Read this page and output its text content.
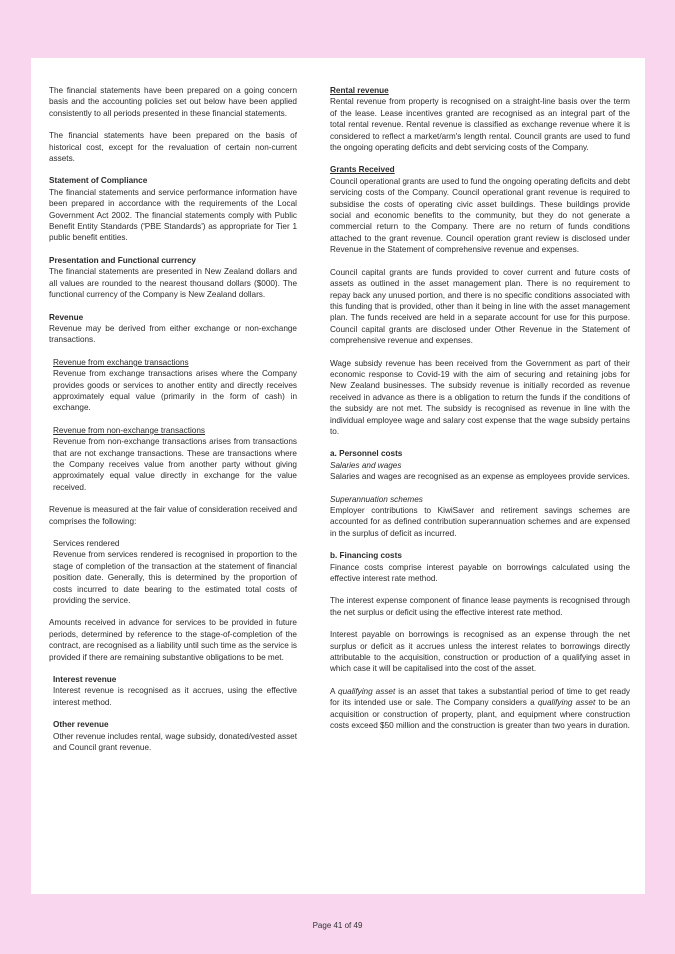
The financial statements have been prepared on a going concern basis and the accounting policies set out below have been applied consistently to all periods presented in these financial statements.

The financial statements have been prepared on the basis of historical cost, except for the revaluation of certain non-current assets.

Statement of Compliance

The financial statements and service performance information have been prepared in accordance with the requirements of the Local Government Act 2002. The financial statements comply with Public Benefit Entity Standards ('PBE Standards') as appropriate for Tier 1 public benefit entities.

Presentation and Functional currency

The financial statements are presented in New Zealand dollars and all values are rounded to the nearest thousand dollars ($000). The functional currency of the Company is New Zealand dollars.

Revenue

Revenue may be derived from either exchange or non-exchange transactions.

Revenue from exchange transactions

Revenue from exchange transactions arises where the Company provides goods or services to another entity and directly receives approximately equal value (primarily in the form of cash) in exchange.

Revenue from non-exchange transactions

Revenue from non-exchange transactions arises from transactions that are not exchange transactions. These are transactions where the Company receives value from another party without giving approximately equal value directly in exchange for the value received.

Revenue is measured at the fair value of consideration received and comprises the following:

Services rendered

Revenue from services rendered is recognised in proportion to the stage of completion of the transaction at the statement of financial position date. Generally, this is determined by the proportion of costs incurred to date bearing to the estimated total costs of providing the service.

Amounts received in advance for services to be provided in future periods, determined by reference to the stage-of-completion of the contract, are recognised as a liability until such time as the service is provided if there are remaining substantive obligations to be met.

Interest revenue

Interest revenue is recognised as it accrues, using the effective interest method.

Other revenue

Other revenue includes rental, wage subsidy, donated/vested asset and Council grant revenue.

Rental revenue

Rental revenue from property is recognised on a straight-line basis over the term of the lease. Lease incentives granted are recognised as an integral part of the total rental revenue. Rental revenue is classified as exchange revenue where it is considered to reflect a market/arm's length rental. Council grants are used to fund the ongoing operating deficits and debt servicing costs of the Company.

Grants Received

Council operational grants are used to fund the ongoing operating deficits and debt servicing costs of the Company. Council operational grant revenue is required to subsidise the costs of operating civic asset buildings. These buildings provide social and economic benefits to the community, but they do not generate a commercial return to the Company. There are no return of funds conditions attached to the grant revenue. Council operation grant review is disclosed under Revenue in the Statement of comprehensive revenue and expenses.

Council capital grants are funds provided to cover current and future costs of assets as outlined in the asset management plan. There is no requirement to repay back any unused portion, and there is no specific conditions associated with this funding that is provided, other than it being in line with the asset management plan. The funds received are held in a separate account for use for this purpose. Council capital grants are disclosed under Other Revenue in the Statement of comprehensive revenue and expenses.

Wage subsidy revenue has been received from the Government as part of their economic response to Covid-19 with the aim of securing and retaining jobs for New Zealand businesses. The subsidy revenue is initially recorded as revenue received in advance as there is a obligation to return the funds if the conditions of the subsidy are not met. The subsidy is recognised as revenue in line with the individual employee wage and salary cost expense that the wage subsidy pertains to.

a. Personnel costs
Salaries and wages

Salaries and wages are recognised as an expense as employees provide services.

Superannuation schemes

Employer contributions to KiwiSaver and retirement savings schemes are accounted for as defined contribution superannuation schemes and are expensed in the surplus of deficit as incurred.

b. Financing costs

Finance costs comprise interest payable on borrowings calculated using the effective interest rate method.

The interest expense component of finance lease payments is recognised through the net surplus or deficit using the effective interest rate method.

Interest payable on borrowings is recognised as an expense through the net surplus or deficit as it accrues unless the interest relates to borrowings directly attributable to the acquisition, construction or production of a qualifying asset in which case it will be capitalised into the cost of the asset.

A qualifying asset is an asset that takes a substantial period of time to get ready for its intended use or sale. The Company considers a qualifying asset to be an acquisition or construction of property, plant, and equipment where construction costs exceed $50 million and the construction is greater than two years in duration.

Page 41 of 49
